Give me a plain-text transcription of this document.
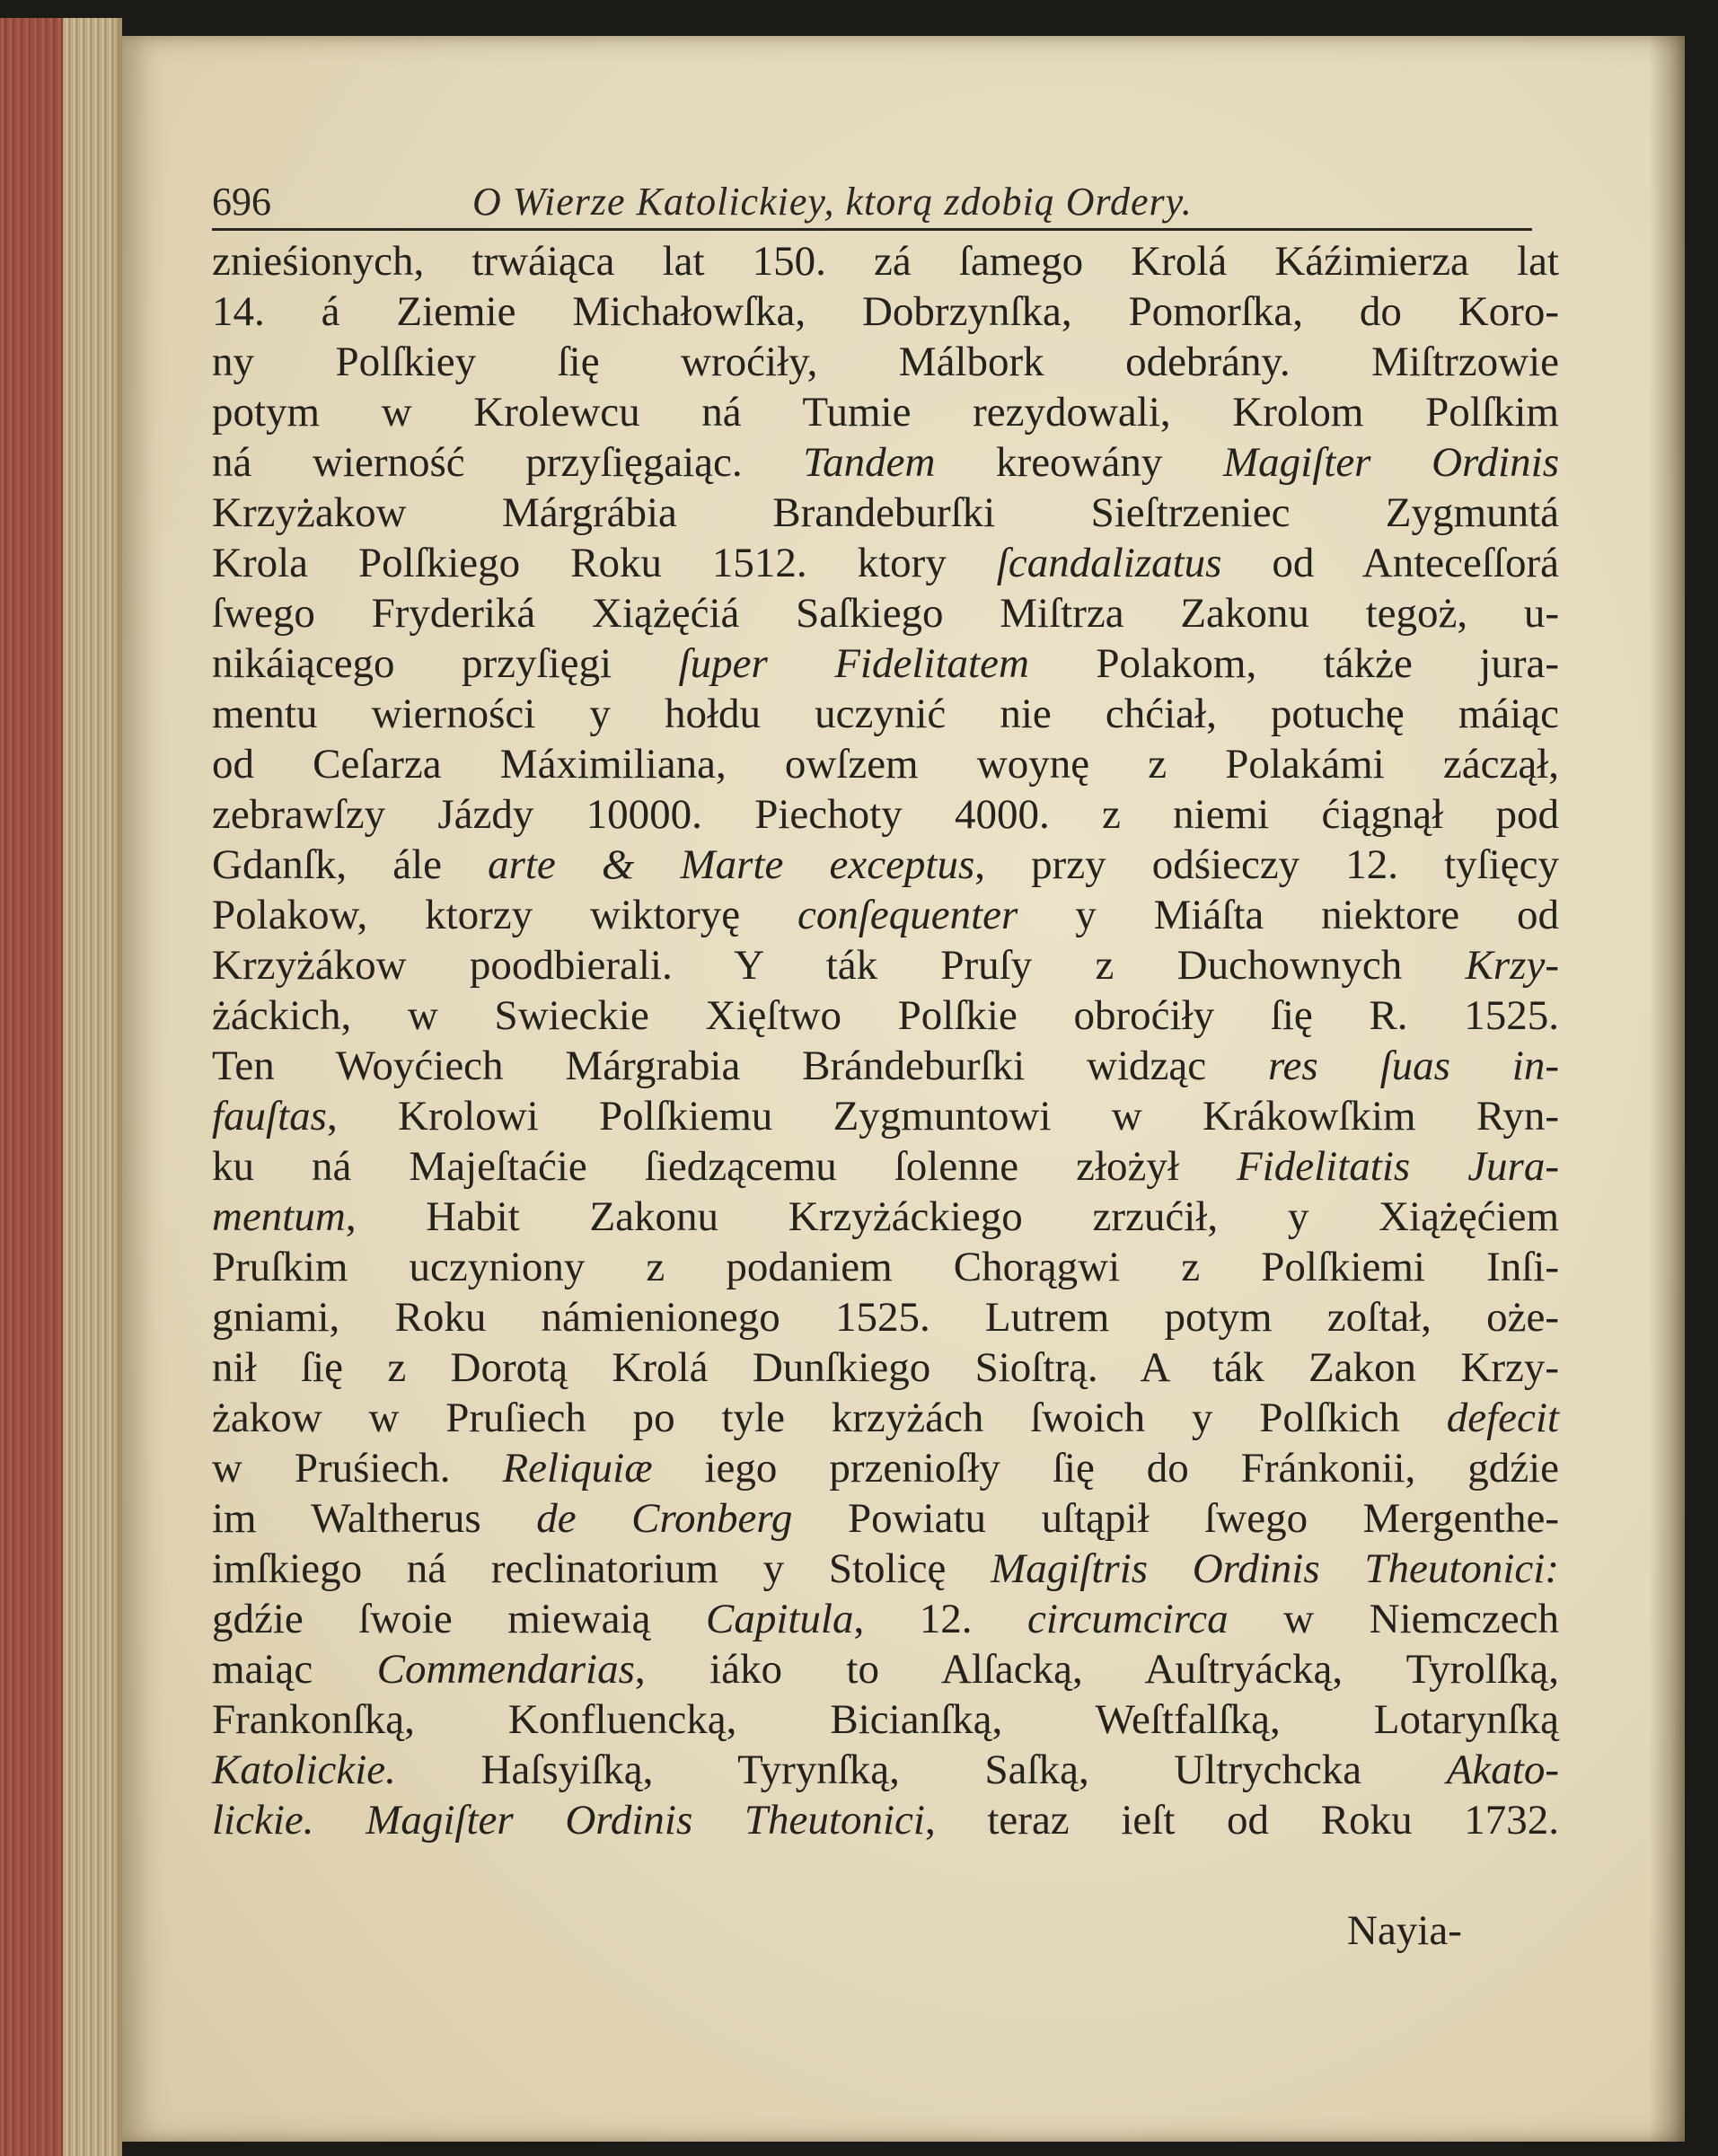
696	O Wierze Katolickiey, ktorą zdobią Ordery.
znieśionych, trwáiąca lat 150. zá ſamego Krolá Káźimierza lat
14. á Ziemie Michałowſka, Dobrzynſka, Pomorſka, do Koro-
ny Polſkiey ſię wroćiły, Málbork odebrány. Miſtrzowie
potym w Krolewcu ná Tumie rezydowali, Krolom Polſkim
ná wierność przyſięgaiąc. Tandem kreowány Magiſter Ordinis
Krzyżakow Márgrábia Brandeburſki Sieſtrzeniec Zygmuntá
Krola Polſkiego Roku 1512. ktory ſcandalizatus od Anteceſſorá
ſwego Fryderiká Xiążęćiá Saſkiego Miſtrza Zakonu tegoż, u-
nikáiącego przyſięgi ſuper Fidelitatem Polakom, tákże jura-
mentu wierności y hołdu uczynić nie chćiał, potuchę máiąc
od Ceſarza Máximiliana, owſzem woynę z Polakámi záczął,
zebrawſzy Jázdy 10000. Piechoty 4000. z niemi ćiągnął pod
Gdanſk, ále arte & Marte exceptus, przy odśieczy 12. tyſięcy
Polakow, ktorzy wiktoryę conſequenter y Miáſta niektore od
Krzyżákow poodbierali. Y ták Pruſy z Duchownych Krzy-
żáckich, w Swieckie Xięſtwo Polſkie obroćiły ſię R. 1525.
Ten Woyćiech Márgrabia Brándeburſki widząc res ſuas in-
fauſtas, Krolowi Polſkiemu Zygmuntowi w Krákowſkim Ryn-
ku ná Majeſtaćie ſiedzącemu ſolenne złożył Fidelitatis Jura-
mentum, Habit Zakonu Krzyżáckiego zrzućił, y Xiążęćiem
Pruſkim uczyniony z podaniem Chorągwi z Polſkiemi Inſi-
gniami, Roku námienionego 1525. Lutrem potym zoſtał, oże-
nił ſię z Dorotą Krolá Dunſkiego Sioſtrą. A ták Zakon Krzy-
żakow w Pruſiech po tyle krzyżách ſwoich y Polſkich defecit
w Pruśiech. Reliquiæ iego przenioſły ſię do Fránkonii, gdźie
im Waltherus de Cronberg Powiatu uſtąpił ſwego Mergenthe-
imſkiego ná reclinatorium y Stolicę Magiſtris Ordinis Theutonici:
gdźie ſwoie miewaią Capitula, 12. circumcirca w Niemczech
maiąc Commendarias, iáko to Alſacką, Auſtryácką, Tyrolſką,
Frankonſką, Konfluencką, Bicianſką, Weſtfalſką, Lotarynſką
Katolickie. Haſsyiſką, Tyrynſką, Saſką, Ultrychcka Akato-
lickie. Magiſter Ordinis Theutonici, teraz ieſt od Roku 1732.
Nayia-
